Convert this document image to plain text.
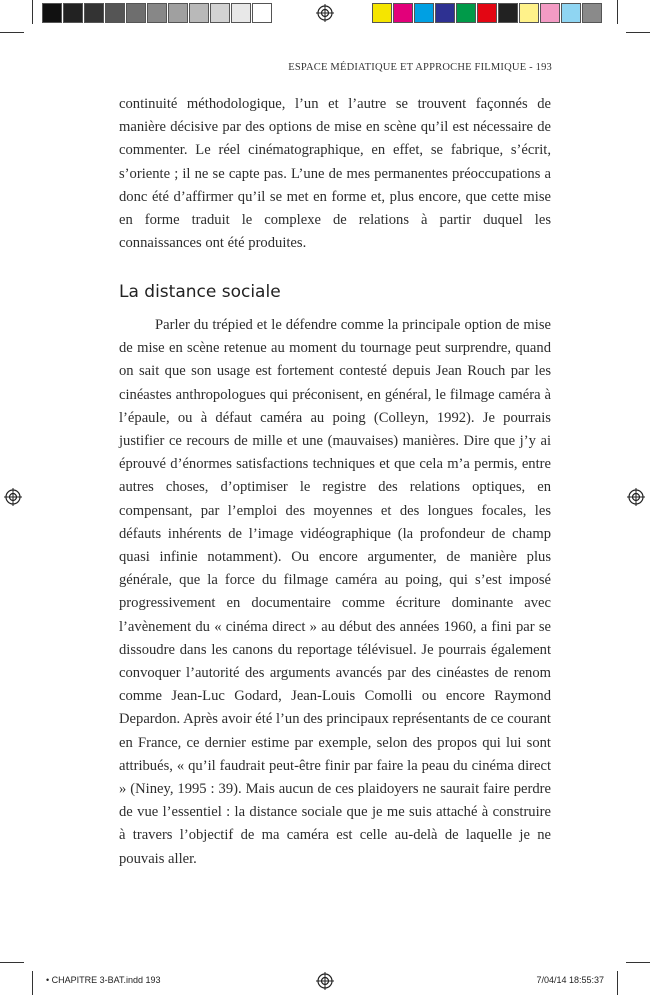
ESPACE MÉDIATIQUE ET APPROCHE FILMIQUE - 193

continuité méthodologique, l’un et l’autre se trouvent façonnés de manière décisive par des options de mise en scène qu’il est nécessaire de commenter. Le réel cinématographique, en effet, se fabrique, s’écrit, s’oriente ; il ne se capte pas. L’une de mes permanentes préoccupations a donc été d’affirmer qu’il se met en forme et, plus encore, que cette mise en forme traduit le complexe de relations à partir duquel les connaissances ont été produites.

La distance sociale

Parler du trépied et le défendre comme la principale option de mise de mise en scène retenue au moment du tournage peut surprendre, quand on sait que son usage est fortement contesté depuis Jean Rouch par les cinéastes anthropologues qui préconisent, en général, le filmage caméra à l’épaule, ou à défaut caméra au poing (Colleyn, 1992). Je pourrais justifier ce recours de mille et une (mauvaises) manières. Dire que j’y ai éprouvé d’énormes satisfactions techniques et que cela m’a permis, entre autres choses, d’optimiser le registre des relations optiques, en compensant, par l’emploi des moyennes et des longues focales, les défauts inhérents de l’image vidéographique (la profondeur de champ quasi infinie notamment). Ou encore argumenter, de manière plus générale, que la force du filmage caméra au poing, qui s’est imposé progressivement en documentaire comme écriture dominante avec l’avènement du « cinéma direct » au début des années 1960, a fini par se dissoudre dans les canons du reportage télévisuel. Je pourrais également convoquer l’autorité des arguments avancés par des cinéastes de renom comme Jean-Luc Godard, Jean-Louis Comolli ou encore Raymond Depardon. Après avoir été l’un des principaux représentants de ce courant en France, ce dernier estime par exemple, selon des propos qui lui sont attribués, « qu’il faudrait peut-être finir par faire la peau du cinéma direct » (Niney, 1995 : 39). Mais aucun de ces plaidoyers ne saurait faire perdre de vue l’essentiel : la distance sociale que je me suis attaché à construire à travers l’objectif de ma caméra est celle au-delà de laquelle je ne pouvais aller.

• CHAPITRE 3-BAT.indd 193	7/04/14 18:55:37
